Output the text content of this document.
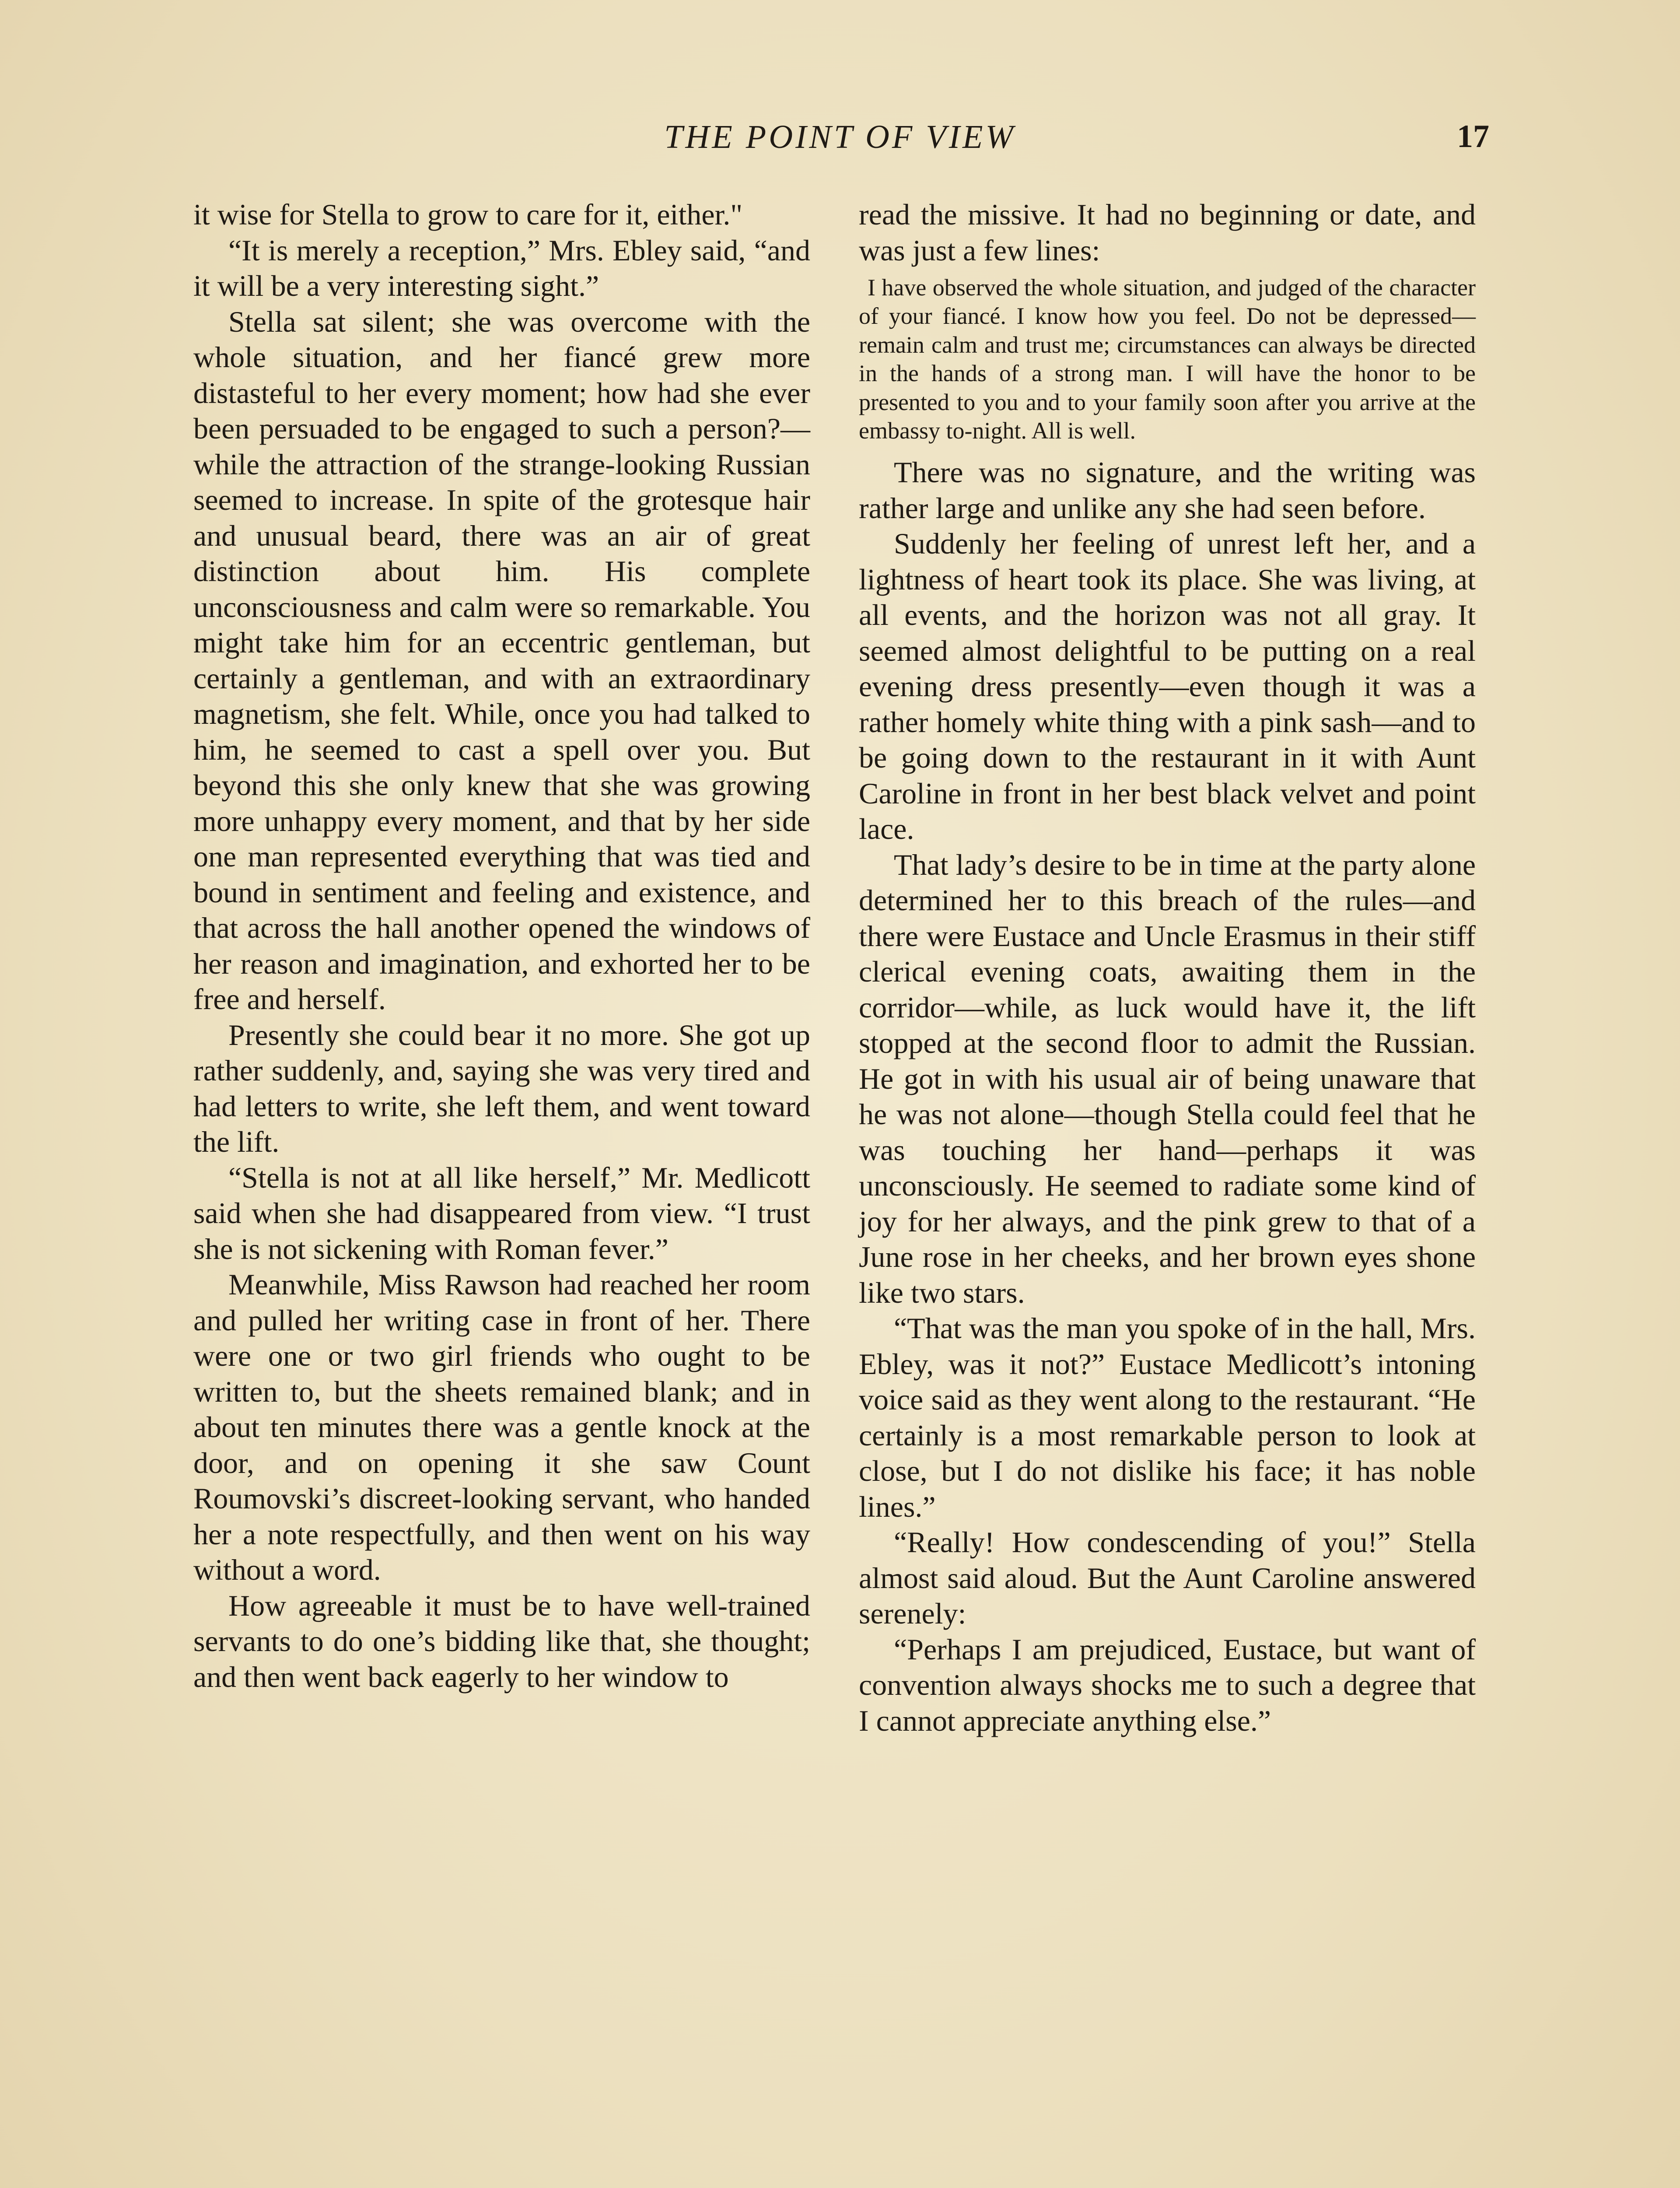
THE POINT OF VIEW	17

it wise for Stella to grow to care for it, either."

“It is merely a reception,” Mrs. Ebley said, “and it will be a very interesting sight.”

Stella sat silent; she was overcome with the whole situation, and her fiancé grew more distasteful to her every moment; how had she ever been persuaded to be engaged to such a person?—while the attraction of the strange-looking Russian seemed to increase. In spite of the grotesque hair and unusual beard, there was an air of great distinction about him. His complete unconsciousness and calm were so remarkable. You might take him for an eccentric gentleman, but certainly a gentleman, and with an extraordinary magnetism, she felt. While, once you had talked to him, he seemed to cast a spell over you. But beyond this she only knew that she was growing more unhappy every moment, and that by her side one man represented everything that was tied and bound in sentiment and feeling and existence, and that across the hall another opened the windows of her reason and imagination, and exhorted her to be free and herself.

Presently she could bear it no more. She got up rather suddenly, and, saying she was very tired and had letters to write, she left them, and went toward the lift.

“Stella is not at all like herself,” Mr. Medlicott said when she had disappeared from view. “I trust she is not sickening with Roman fever.”

Meanwhile, Miss Rawson had reached her room and pulled her writing case in front of her. There were one or two girl friends who ought to be written to, but the sheets remained blank; and in about ten minutes there was a gentle knock at the door, and on opening it she saw Count Roumovski’s discreet-looking servant, who handed her a note respectfully, and then went on his way without a word.

How agreeable it must be to have well-trained servants to do one’s bidding like that, she thought; and then went back eagerly to her window to

read the missive. It had no beginning or date, and was just a few lines:

I have observed the whole situation, and judged of the character of your fiancé. I know how you feel. Do not be depressed—remain calm and trust me; circumstances can always be directed in the hands of a strong man. I will have the honor to be presented to you and to your family soon after you arrive at the embassy to-night. All is well.

There was no signature, and the writing was rather large and unlike any she had seen before.

Suddenly her feeling of unrest left her, and a lightness of heart took its place. She was living, at all events, and the horizon was not all gray. It seemed almost delightful to be putting on a real evening dress presently—even though it was a rather homely white thing with a pink sash—and to be going down to the restaurant in it with Aunt Caroline in front in her best black velvet and point lace.

That lady’s desire to be in time at the party alone determined her to this breach of the rules—and there were Eustace and Uncle Erasmus in their stiff clerical evening coats, awaiting them in the corridor—while, as luck would have it, the lift stopped at the second floor to admit the Russian. He got in with his usual air of being unaware that he was not alone—though Stella could feel that he was touching her hand—perhaps it was unconsciously. He seemed to radiate some kind of joy for her always, and the pink grew to that of a June rose in her cheeks, and her brown eyes shone like two stars.

“That was the man you spoke of in the hall, Mrs. Ebley, was it not?” Eustace Medlicott’s intoning voice said as they went along to the restaurant. “He certainly is a most remarkable person to look at close, but I do not dislike his face; it has noble lines.”

“Really! How condescending of you!” Stella almost said aloud. But the Aunt Caroline answered serenely:

“Perhaps I am prejudiced, Eustace, but want of convention always shocks me to such a degree that I cannot appreciate anything else.”
